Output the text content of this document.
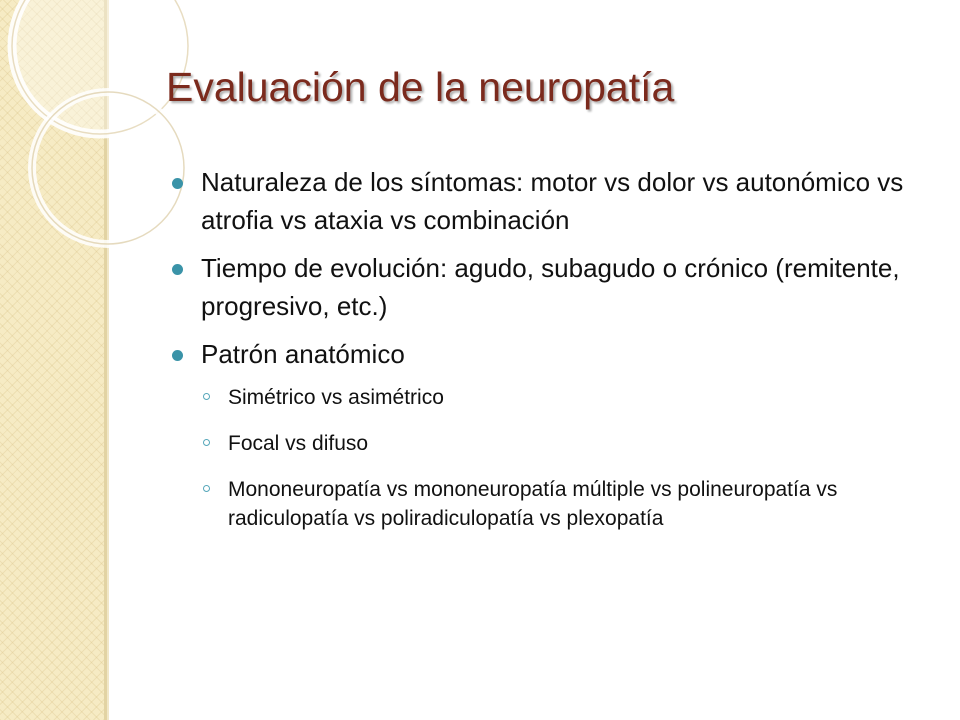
Evaluación de la neuropatía
Naturaleza de los síntomas: motor vs dolor vs autonómico vs atrofia vs ataxia vs combinación
Tiempo de evolución: agudo, subagudo o crónico (remitente, progresivo, etc.)
Patrón anatómico
Simétrico vs asimétrico
Focal vs difuso
Mononeuropatía vs mononeuropatía múltiple vs polineuropatía vs radiculopatía vs poliradiculopatía vs plexopatía
